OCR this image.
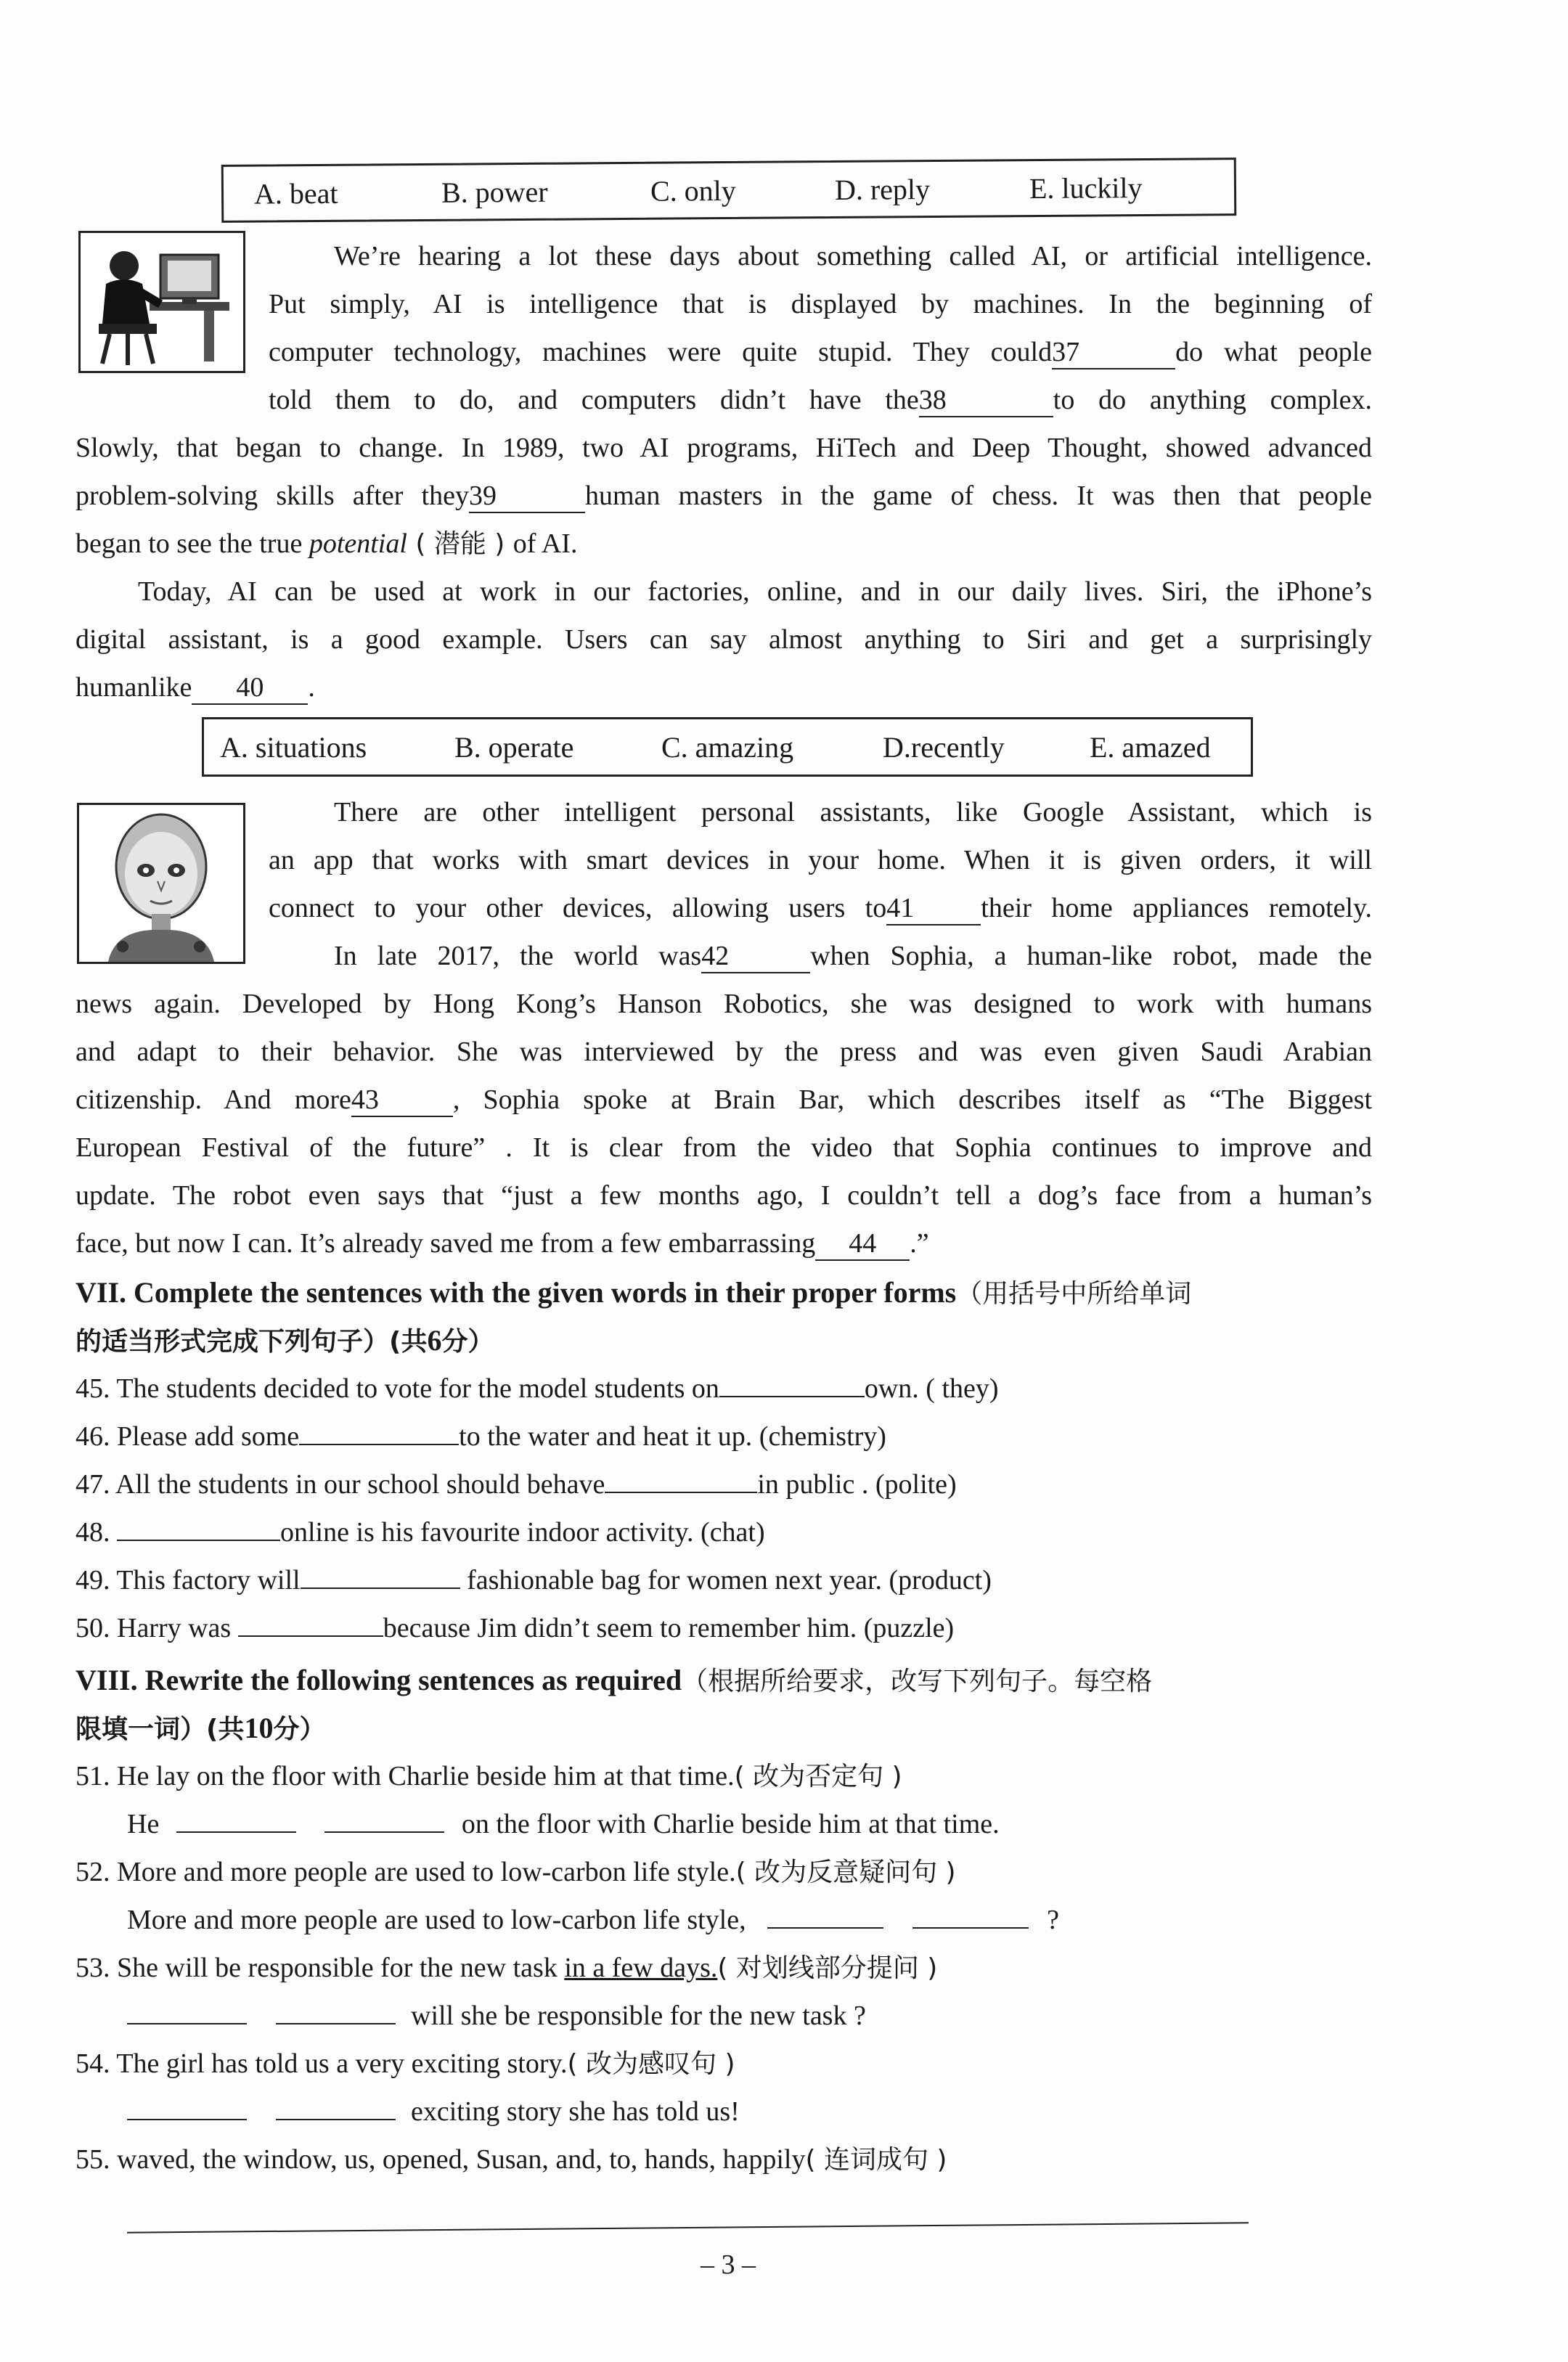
A. beat	B. power	C. only	D. reply	E. luckily
We’re hearing a lot these days about something called AI, or artificial intelligence.
Put simply, AI is intelligence that is displayed by machines. In the beginning of
computer technology, machines were quite stupid. They could37	do what people
told them to do, and computers didn’t have the38	to do anything complex.
Slowly, that began to change. In 1989, two AI programs, HiTech and Deep Thought, showed advanced
problem-solving skills after they39	human masters in the game of chess. It was then that people
began to see the true potential ( 潜能 ) of AI.
Today, AI can be used at work in our factories, online, and in our daily lives. Siri, the iPhone’s
digital assistant, is a good example. Users can say almost anything to Siri and get a surprisingly
humanlike 40 .
A. situations	B. operate	C. amazing	D.recently	E. amazed
There are other intelligent personal assistants, like Google Assistant, which is
an app that works with smart devices in your home. When it is given orders, it will
connect to your other devices, allowing users to41 their home appliances remotely.
In late 2017, the world was42	when Sophia, a human-like robot, made the
news again. Developed by Hong Kong’s Hanson Robotics, she was designed to work with humans
and adapt to their behavior. She was interviewed by the press and was even given Saudi Arabian
citizenship. And more43	, Sophia spoke at Brain Bar, which describes itself as “The Biggest
European Festival of the future” . It is clear from the video that Sophia continues to improve and
update. The robot even says that “just a few months ago, I couldn’t tell a dog’s face from a human’s
face, but now I can. It’s already saved me from a few embarrassing 44 .”
VII. Complete the sentences with the given words in their proper forms（用括号中所给单词
的适当形式完成下列句子）(共6分）
45. The students decided to vote for the model students on	own. ( they)
46. Please add some	to the water and heat it up. (chemistry)
47. All the students in our school should behave	in public . (polite)
48.	online is his favourite indoor activity. (chat)
49. This factory will	fashionable bag for women next year. (product)
50. Harry was	because Jim didn’t seem to remember him. (puzzle)
VIII. Rewrite the following sentences as required（根据所给要求，改写下列句子。每空格
限填一词）(共10分）
51. He lay on the floor with Charlie beside him at that time.( 改为否定句 )
He	on the floor with Charlie beside him at that time.
52. More and more people are used to low-carbon life style.( 改为反意疑问句 )
More and more people are used to low-carbon life style,	?
53. She will be responsible for the new task in a few days.( 对划线部分提问 )
will she be responsible for the new task ?
54. The girl has told us a very exciting story.( 改为感叹句 )
exciting story she has told us!
55. waved, the window, us, opened, Susan, and, to, hands, happily( 连词成句 )
– 3 –
